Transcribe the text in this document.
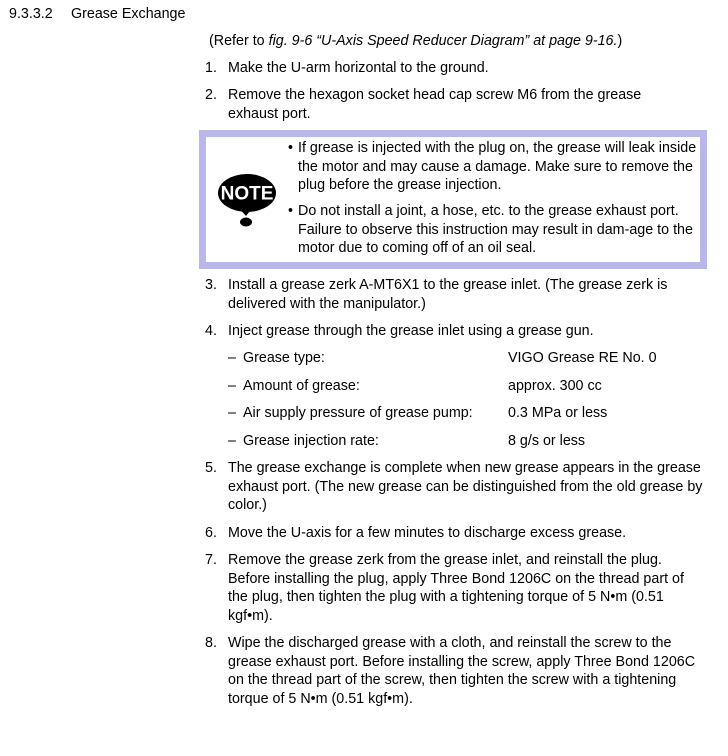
9.3.3.2 Grease Exchange
(Refer to fig. 9-6 “U-Axis Speed Reducer Diagram” at page 9-16.)
1. Make the U-arm horizontal to the ground.
2. Remove the hexagon socket head cap screw M6 from the grease exhaust port.
NOTE
• If grease is injected with the plug on, the grease will leak inside the motor and may cause a damage. Make sure to remove the plug before the grease injection.
• Do not install a joint, a hose, etc. to the grease exhaust port. Failure to observe this instruction may result in dam-age to the motor due to coming off of an oil seal.
3. Install a grease zerk A-MT6X1 to the grease inlet. (The grease zerk is delivered with the manipulator.)
4. Inject grease through the grease inlet using a grease gun.
– Grease type:	VIGO Grease RE No. 0
– Amount of grease:	approx. 300 cc
– Air supply pressure of grease pump: 0.3 MPa or less
– Grease injection rate:	8 g/s or less
5. The grease exchange is complete when new grease appears in the grease exhaust port. (The new grease can be distinguished from the old grease by color.)
6. Move the U-axis for a few minutes to discharge excess grease.
7. Remove the grease zerk from the grease inlet, and reinstall the plug. Before installing the plug, apply Three Bond 1206C on the thread part of the plug, then tighten the plug with a tightening torque of 5 N•m (0.51 kgf•m).
8. Wipe the discharged grease with a cloth, and reinstall the screw to the grease exhaust port. Before installing the screw, apply Three Bond 1206C on the thread part of the screw, then tighten the screw with a tightening torque of 5 N•m (0.51 kgf•m).
